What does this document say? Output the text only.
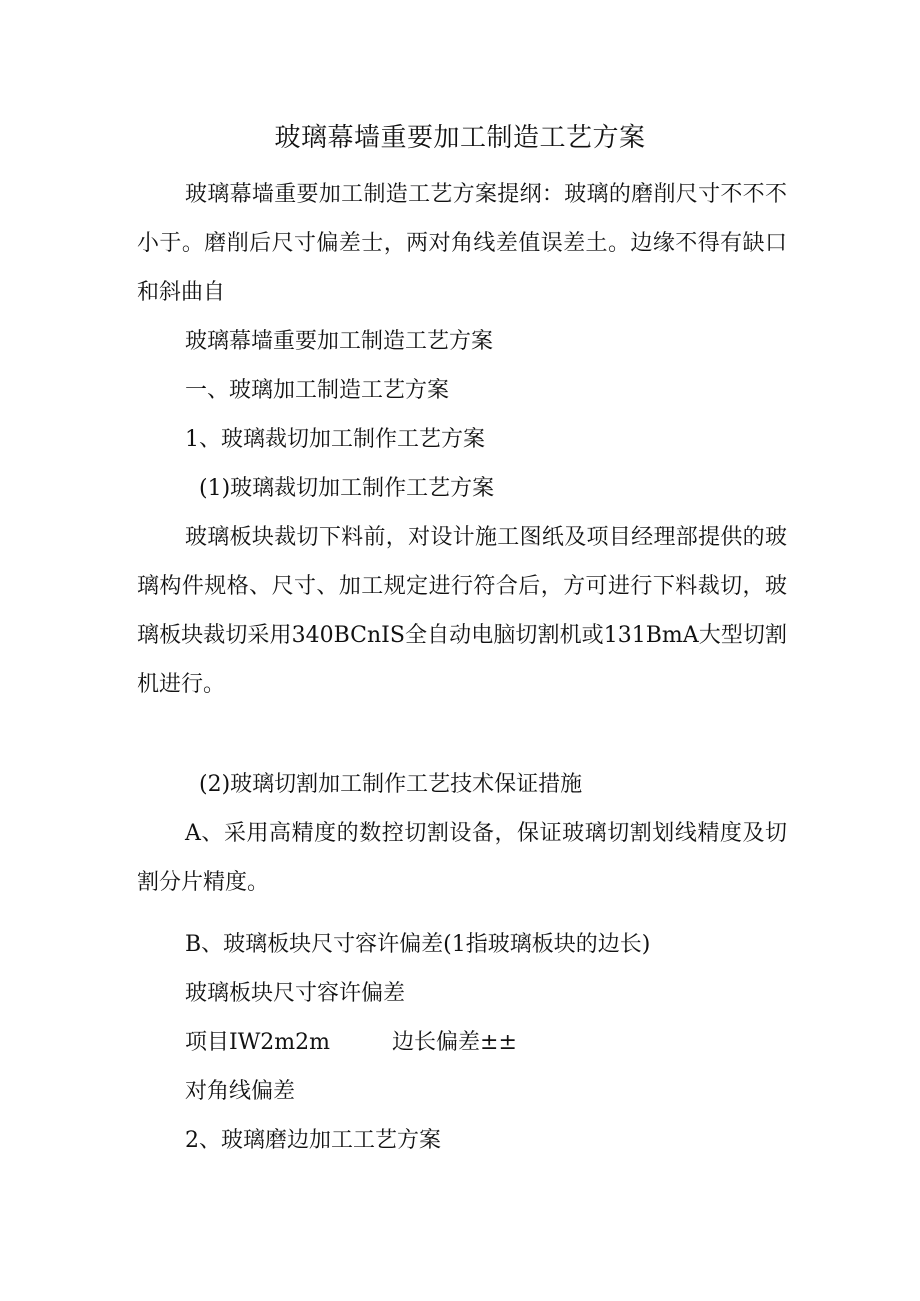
玻璃幕墙重要加工制造工艺方案

玻璃幕墙重要加工制造工艺方案提纲：玻璃的磨削尺寸不不不小于。磨削后尺寸偏差士，两对角线差值误差土。边缘不得有缺口和斜曲自

玻璃幕墙重要加工制造工艺方案

一、玻璃加工制造工艺方案

1、玻璃裁切加工制作工艺方案

(1)玻璃裁切加工制作工艺方案

玻璃板块裁切下料前，对设计施工图纸及项目经理部提供的玻璃构件规格、尺寸、加工规定进行符合后，方可进行下料裁切，玻璃板块裁切采用340BCnIS全自动电脑切割机或131BmA大型切割机进行。

(2)玻璃切割加工制作工艺技术保证措施

A、采用高精度的数控切割设备，保证玻璃切割划线精度及切割分片精度。

B、玻璃板块尺寸容许偏差(1指玻璃板块的边长)

玻璃板块尺寸容许偏差

项目IW2m2m	边长偏差±±

对角线偏差

2、玻璃磨边加工工艺方案
